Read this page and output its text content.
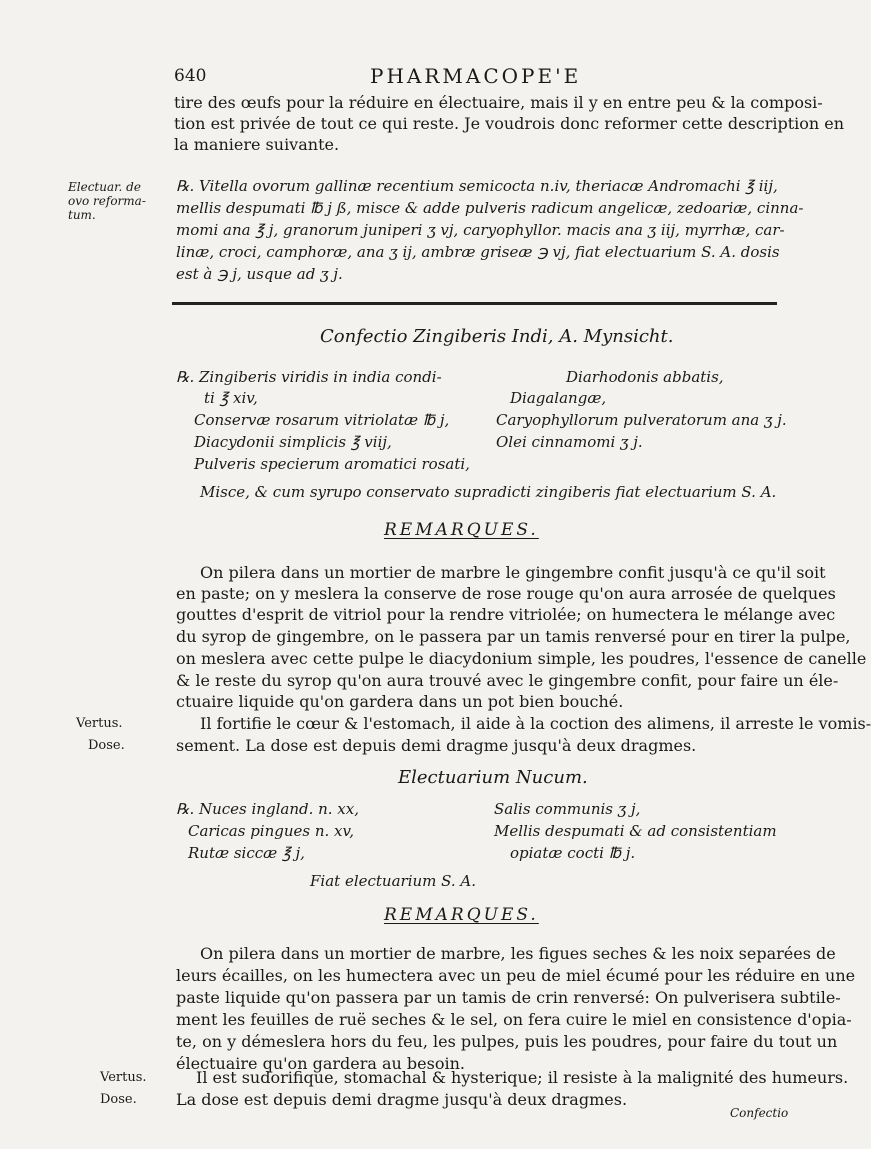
640	PHARMACOPE'E
tire des œufs pour la réduire en électuaire, mais il y en entre peu & la composi-
tion est privée de tout ce qui reste. Je voudrois donc reformer cette description en
la maniere suivante.
Electuar. de
ovo reforma-
tum.
℞. Vitella ovorum gallinæ recentium semicocta n.iv, theriacæ Andromachi ℥ iij,
mellis despumati ℔ j ß, misce & adde pulveris radicum angelicæ, zedoariæ, cinna-
momi ana ℥ j, granorum juniperi ʒ vj, caryophyllor. macis ana ʒ iij, myrrhæ, car-
linæ, croci, camphoræ, ana ʒ ij, ambræ griseæ ℈ vj, fiat electuarium S. A. dosis
est à ℈ j, usque ad ʒ j.
Confectio Zingiberis Indi, A. Mynsicht.
℞. Zingiberis viridis in india condi-
ti ℥ xiv,
Conservæ rosarum vitriolatæ ℔ j,
Diacydonii simplicis ℥ viij,
Pulveris specierum aromatici rosati,
Diarhodonis abbatis,
Diagalangæ,
Caryophyllorum pulveratorum ana ʒ j.
Olei cinnamomi ʒ j.
Misce, & cum syrupo conservato supradicti zingiberis fiat electuarium S. A.
REMARQUES.
On pilera dans un mortier de marbre le gingembre confit jusqu'à ce qu'il soit
en paste; on y meslera la conserve de rose rouge qu'on aura arrosée de quelques
gouttes d'esprit de vitriol pour la rendre vitriolée; on humectera le mélange avec
du syrop de gingembre, on le passera par un tamis renversé pour en tirer la pulpe,
on meslera avec cette pulpe le diacydonium simple, les poudres, l'essence de canelle
& le reste du syrop qu'on aura trouvé avec le gingembre confit, pour faire un éle-
ctuaire liquide qu'on gardera dans un pot bien bouché.
Vertus.
Dose.
Il fortifie le cœur & l'estomach, il aide à la coction des alimens, il arreste le vomis-
sement. La dose est depuis demi dragme jusqu'à deux dragmes.
Electuarium Nucum.
℞. Nuces ingland. n. xx,
Caricas pingues n. xv,
Rutæ siccæ ℥ j,
Salis communis ʒ j,
Mellis despumati & ad consistentiam
opiatæ cocti ℔ j.
Fiat electuarium S. A.
REMARQUES.
On pilera dans un mortier de marbre, les figues seches & les noix separées de
leurs écailles, on les humectera avec un peu de miel écumé pour les réduire en une
paste liquide qu'on passera par un tamis de crin renversé: On pulverisera subtile-
ment les feuilles de ruë seches & le sel, on fera cuire le miel en consistence d'opia-
te, on y démeslera hors du feu, les pulpes, puis les poudres, pour faire du tout un
électuaire qu'on gardera au besoin.
Vertus.
Dose.
Il est sudorifique, stomachal & hysterique; il resiste à la malignité des humeurs.
La dose est depuis demi dragme jusqu'à deux dragmes.
Confectio
